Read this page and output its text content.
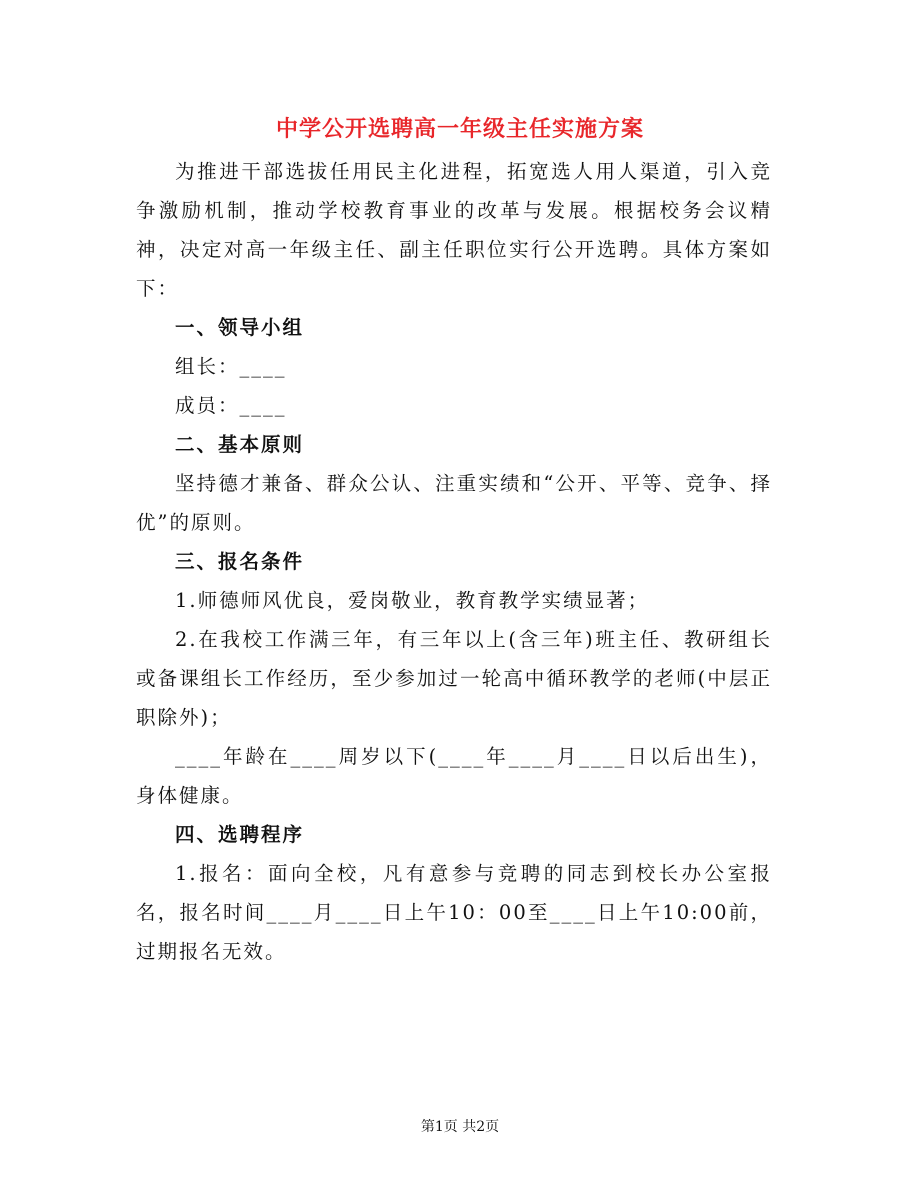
中学公开选聘高一年级主任实施方案

为推进干部选拔任用民主化进程，拓宽选人用人渠道，引入竞争激励机制，推动学校教育事业的改革与发展。根据校务会议精神，决定对高一年级主任、副主任职位实行公开选聘。具体方案如下：

一、领导小组

组长：____

成员：____

二、基本原则

坚持德才兼备、群众公认、注重实绩和“公开、平等、竞争、择优”的原则。

三、报名条件

1.师德师风优良，爱岗敬业，教育教学实绩显著；

2.在我校工作满三年，有三年以上(含三年)班主任、教研组长或备课组长工作经历，至少参加过一轮高中循环教学的老师(中层正职除外)；

____年龄在____周岁以下(____年____月____日以后出生)，身体健康。

四、选聘程序

1.报名：面向全校，凡有意参与竞聘的同志到校长办公室报名，报名时间____月____日上午10：00至____日上午10:00前，过期报名无效。

第1页 共2页
